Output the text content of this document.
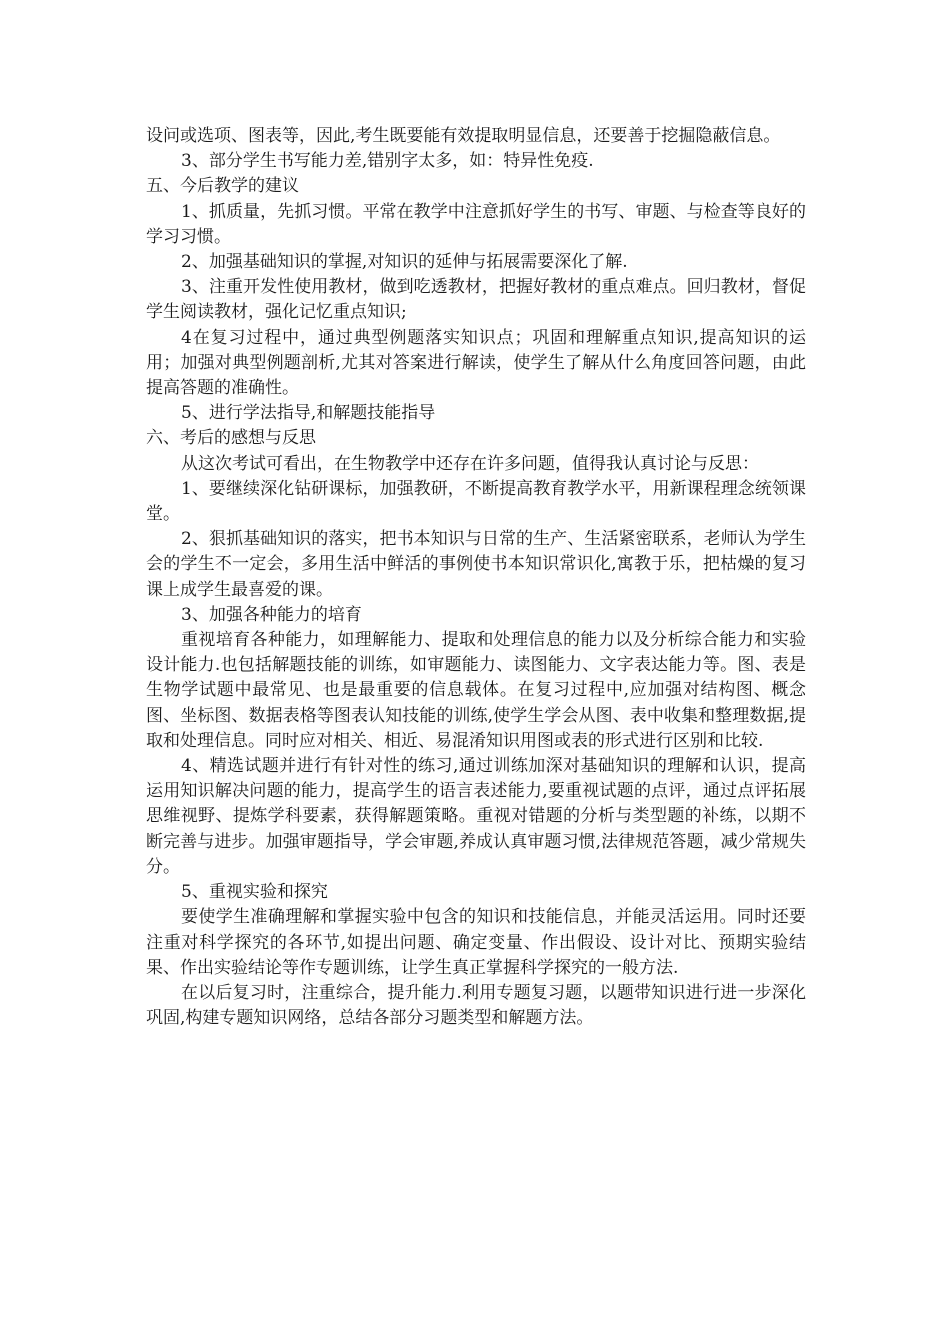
设问或选项、图表等，因此,考生既要能有效提取明显信息，还要善于挖掘隐蔽信息。

3、部分学生书写能力差,错别字太多，如：特异性免疫.

五、今后教学的建议

1、抓质量，先抓习惯。平常在教学中注意抓好学生的书写、审题、与检查等良好的学习习惯。

2、加强基础知识的掌握,对知识的延伸与拓展需要深化了解.

3、注重开发性使用教材，做到吃透教材，把握好教材的重点难点。回归教材，督促学生阅读教材，强化记忆重点知识;

4在复习过程中，通过典型例题落实知识点；巩固和理解重点知识,提高知识的运用；加强对典型例题剖析,尤其对答案进行解读，使学生了解从什么角度回答问题，由此提高答题的准确性。

5、进行学法指导,和解题技能指导

六、考后的感想与反思

从这次考试可看出，在生物教学中还存在许多问题，值得我认真讨论与反思：

1、要继续深化钻研课标，加强教研，不断提高教育教学水平，用新课程理念统领课堂。

2、狠抓基础知识的落实，把书本知识与日常的生产、生活紧密联系，老师认为学生会的学生不一定会，多用生活中鲜活的事例使书本知识常识化,寓教于乐，把枯燥的复习课上成学生最喜爱的课。

3、加强各种能力的培育

重视培育各种能力，如理解能力、提取和处理信息的能力以及分析综合能力和实验设计能力.也包括解题技能的训练，如审题能力、读图能力、文字表达能力等。图、表是生物学试题中最常见、也是最重要的信息载体。在复习过程中,应加强对结构图、概念图、坐标图、数据表格等图表认知技能的训练,使学生学会从图、表中收集和整理数据,提取和处理信息。同时应对相关、相近、易混淆知识用图或表的形式进行区别和比较.

4、精选试题并进行有针对性的练习,通过训练加深对基础知识的理解和认识，提高运用知识解决问题的能力，提高学生的语言表述能力,要重视试题的点评，通过点评拓展思维视野、提炼学科要素，获得解题策略。重视对错题的分析与类型题的补练，以期不断完善与进步。加强审题指导，学会审题,养成认真审题习惯,法律规范答题，减少常规失分。

5、重视实验和探究

要使学生准确理解和掌握实验中包含的知识和技能信息，并能灵活运用。同时还要注重对科学探究的各环节,如提出问题、确定变量、作出假设、设计对比、预期实验结果、作出实验结论等作专题训练，让学生真正掌握科学探究的一般方法.

在以后复习时，注重综合，提升能力.利用专题复习题，以题带知识进行进一步深化巩固,构建专题知识网络，总结各部分习题类型和解题方法。
